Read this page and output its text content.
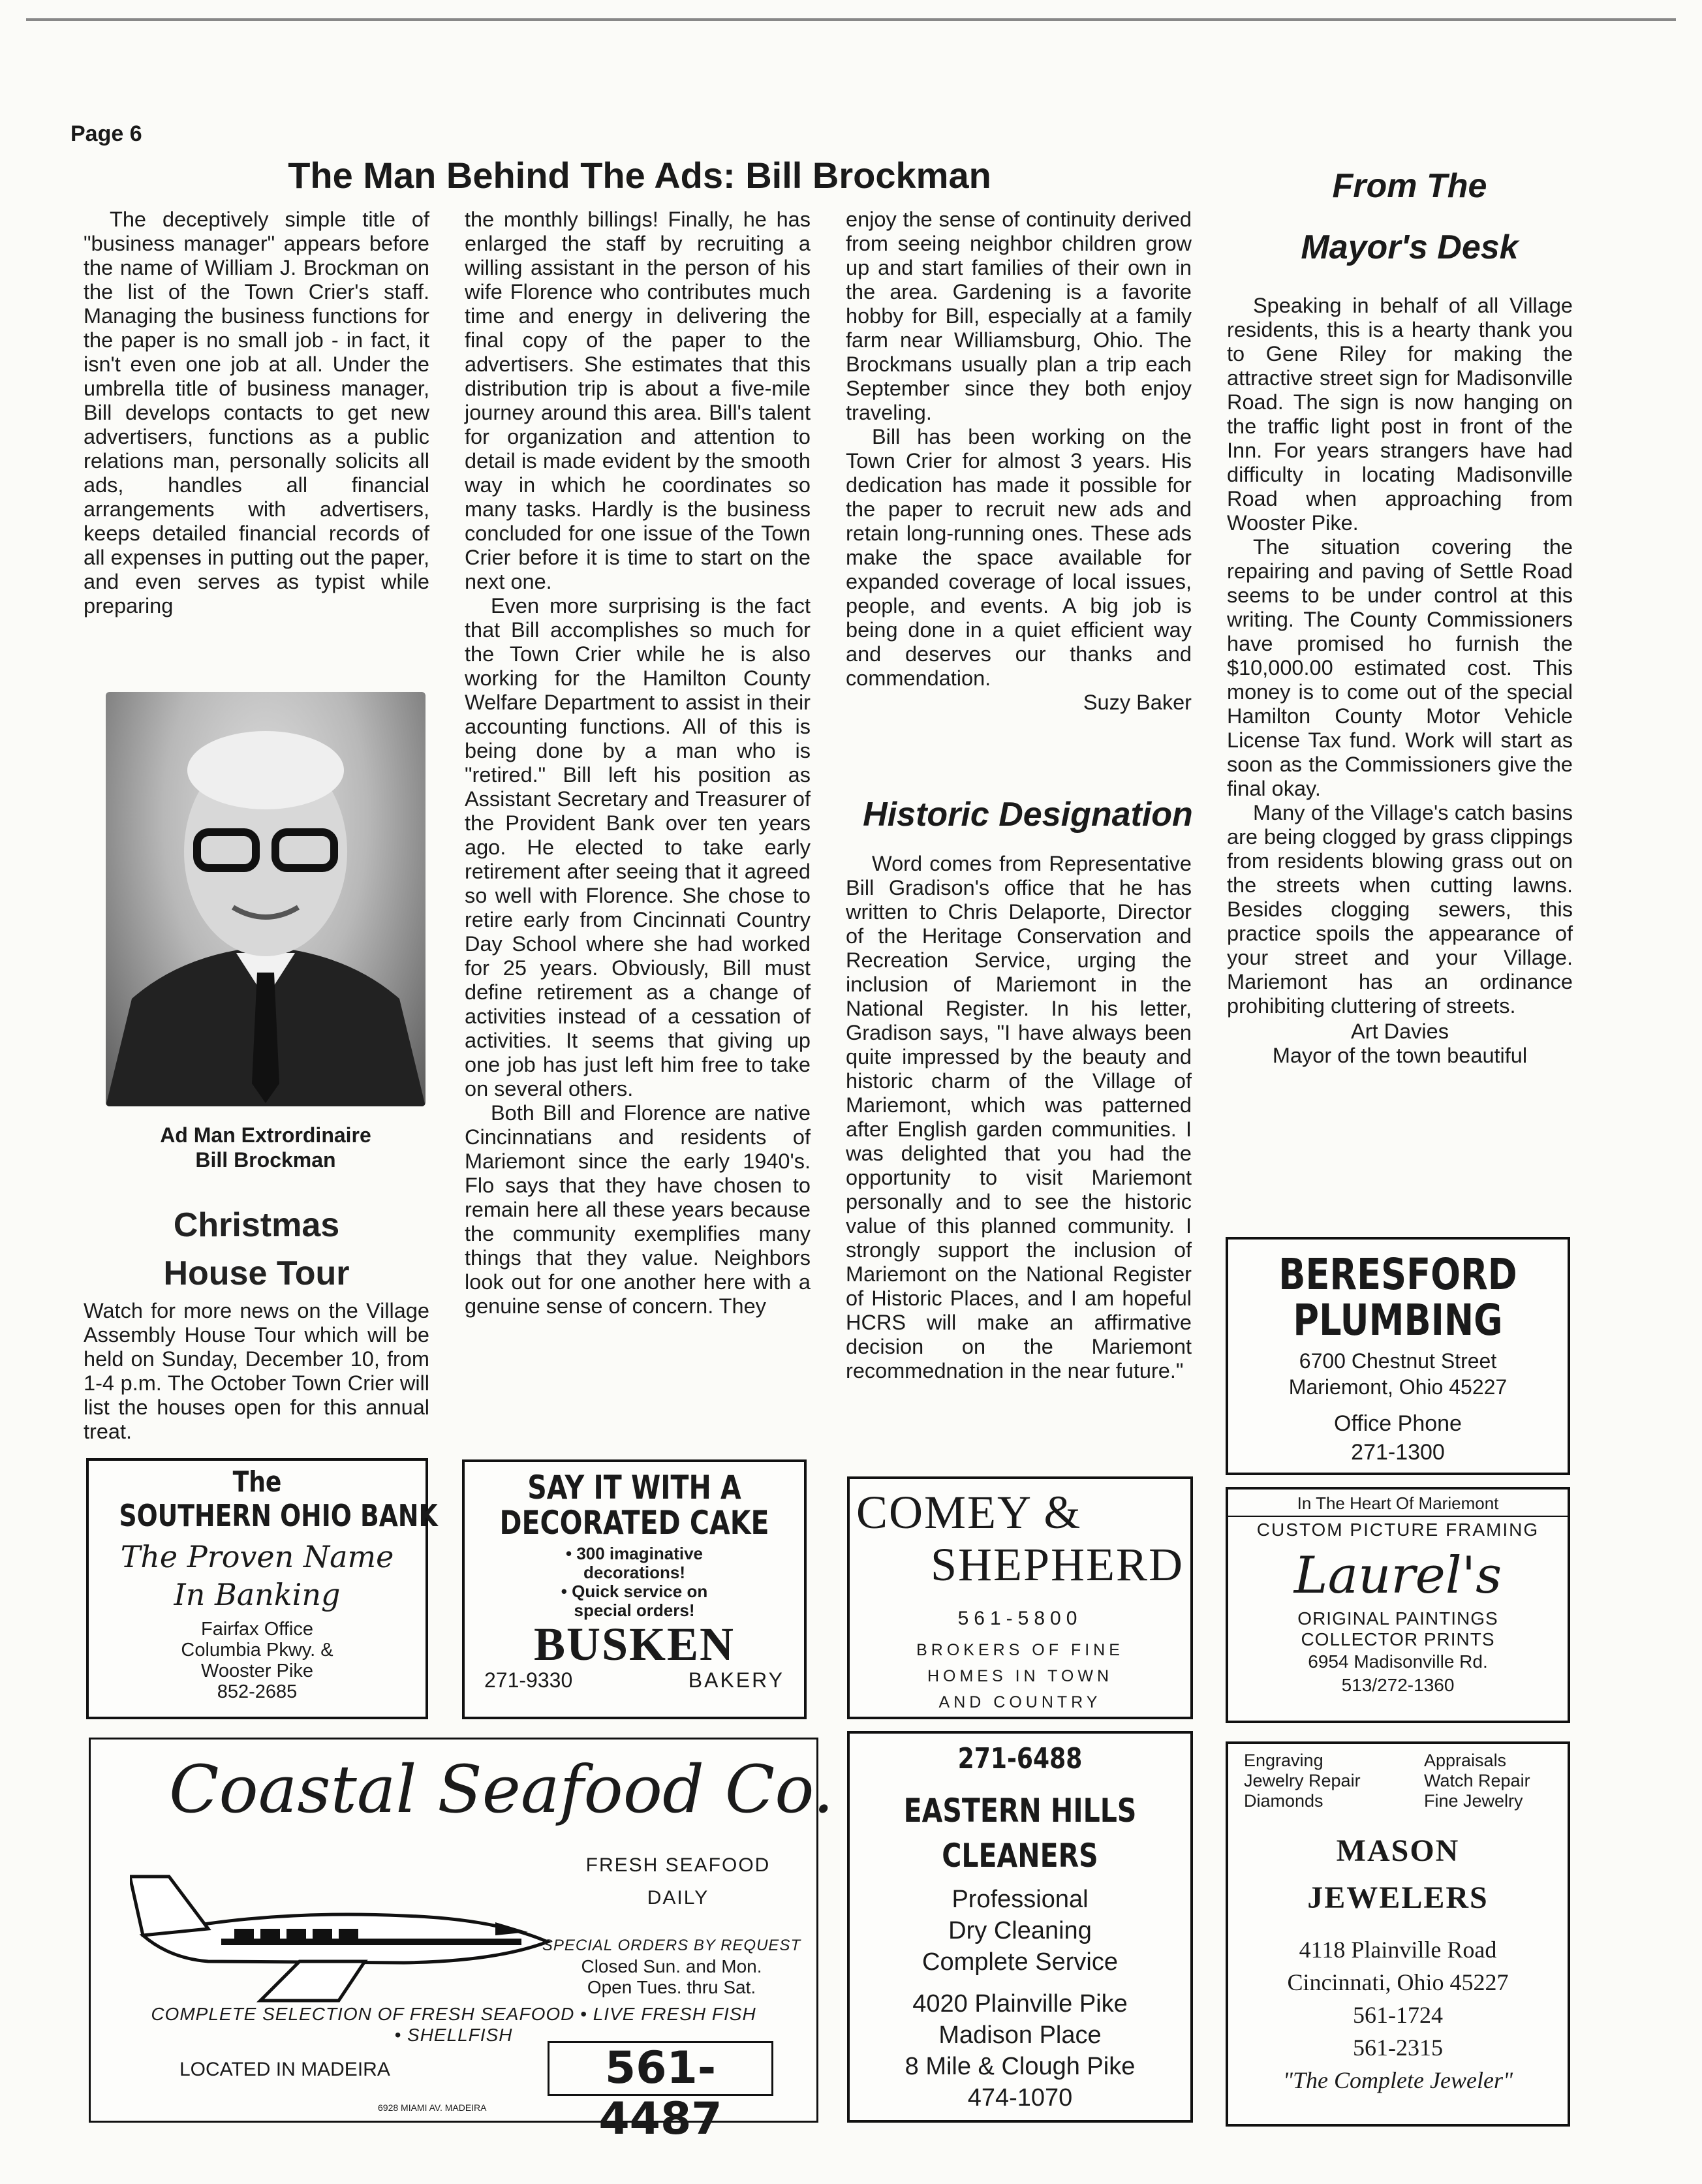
Page 6
The Man Behind The Ads: Bill Brockman

The deceptively simple title of "business manager" appears before the name of William J. Brockman on the list of the Town Crier's staff. Managing the business functions for the paper is no small job - in fact, it isn't even one job at all. Under the umbrella title of business manager, Bill develops contacts to get new advertisers, functions as a public relations man, personally solicits all ads, handles all financial arrangements with advertisers, keeps detailed financial records of all expenses in putting out the paper, and even serves as typist while preparing

Ad Man Extrordinaire
Bill Brockman
Christmas
House Tour

Watch for more news on the Village Assembly House Tour which will be held on Sunday, December 10, from 1-4 p.m. The October Town Crier will list the houses open for this annual treat.

the monthly billings! Finally, he has enlarged the staff by recruiting a willing assistant in the person of his wife Florence who contributes much time and energy in delivering the final copy of the paper to the advertisers. She estimates that this distribution trip is about a five-mile journey around this area. Bill's talent for organization and attention to detail is made evident by the smooth way in which he coordinates so many tasks. Hardly is the business concluded for one issue of the Town Crier before it is time to start on the next one.

Even more surprising is the fact that Bill accomplishes so much for the Town Crier while he is also working for the Hamilton County Welfare Department to assist in their accounting functions. All of this is being done by a man who is "retired." Bill left his position as Assistant Secretary and Treasurer of the Provident Bank over ten years ago. He elected to take early retirement after seeing that it agreed so well with Florence. She chose to retire early from Cincinnati Country Day School where she had worked for 25 years. Obviously, Bill must define retirement as a change of activities instead of a cessation of activities. It seems that giving up one job has just left him free to take on several others.

Both Bill and Florence are native Cincinnatians and residents of Mariemont since the early 1940's. Flo says that they have chosen to remain here all these years because the community exemplifies many things that they value. Neighbors look out for one another here with a genuine sense of concern. They

enjoy the sense of continuity derived from seeing neighbor children grow up and start families of their own in the area. Gardening is a favorite hobby for Bill, especially at a family farm near Williamsburg, Ohio. The Brockmans usually plan a trip each September since they both enjoy traveling.

Bill has been working on the Town Crier for almost 3 years. His dedication has made it possible for the paper to recruit new ads and retain long-running ones. These ads make the space available for expanded coverage of local issues, people, and events. A big job is being done in a quiet efficient way and deserves our thanks and commendation.

Suzy Baker
Historic Designation

Word comes from Representative Bill Gradison's office that he has written to Chris Delaporte, Director of the Heritage Conservation and Recreation Service, urging the inclusion of Mariemont in the National Register. In his letter, Gradison says, "I have always been quite impressed by the beauty and historic charm of the Village of Mariemont, which was patterned after English garden communities. I was delighted that you had the opportunity to visit Mariemont personally and to see the historic value of this planned community. I strongly support the inclusion of Mariemont on the National Register of Historic Places, and I am hopeful HCRS will make an affirmative decision on the Mariemont recommednation in the near future."

From The
Mayor's Desk

Speaking in behalf of all Village residents, this is a hearty thank you to Gene Riley for making the attractive street sign for Madisonville Road. The sign is now hanging on the traffic light post in front of the Inn. For years strangers have had difficulty in locating Madisonville Road when approaching from Wooster Pike.

The situation covering the repairing and paving of Settle Road seems to be under control at this writing. The County Commissioners have promised ho furnish the $10,000.00 estimated cost. This money is to come out of the special Hamilton County Motor Vehicle License Tax fund. Work will start as soon as the Commissioners give the final okay.

Many of the Village's catch basins are being clogged by grass clippings from residents blowing grass out on the streets when cutting lawns. Besides clogging sewers, this practice spoils the appearance of your street and your Village. Mariemont has an ordinance prohibiting cluttering of streets.

Art Davies
Mayor of the town beautiful
BERESFORD
PLUMBING
6700 Chestnut Street
Mariemont, Ohio 45227
Office Phone
271-1300
The
SOUTHERN OHIO BANK
The Proven Name
In Banking
Fairfax Office
Columbia Pkwy. &
Wooster Pike
852-2685
SAY IT WITH A
DECORATED CAKE
• 300 imaginative
decorations!
• Quick service on
special orders!
BUSKEN
271-9330	BAKERY
COMEY &
SHEPHERD
561-5800
BROKERS OF FINE
HOMES IN TOWN
AND COUNTRY
In The Heart Of Mariemont
CUSTOM PICTURE FRAMING
Laurel's
ORIGINAL PAINTINGS
COLLECTOR PRINTS
6954 Madisonville Rd.
513/272-1360
Coastal Seafood Co.
FRESH SEAFOOD
DAILY
SPECIAL ORDERS BY REQUEST
Closed Sun. and Mon.
Open Tues. thru Sat.
COMPLETE SELECTION OF FRESH SEAFOOD • LIVE FRESH FISH
• SHELLFISH
LOCATED IN MADEIRA	561-4487
6928 MIAMI AV. MADEIRA
271-6488
EASTERN HILLS
CLEANERS
Professional
Dry Cleaning
Complete Service
4020 Plainville Pike
Madison Place
8 Mile & Clough Pike
474-1070
Engraving
Jewelry Repair
Diamonds
Appraisals
Watch Repair
Fine Jewelry
MASON
JEWELERS
4118 Plainville Road
Cincinnati, Ohio 45227
561-1724
561-2315
"The Complete Jeweler"
